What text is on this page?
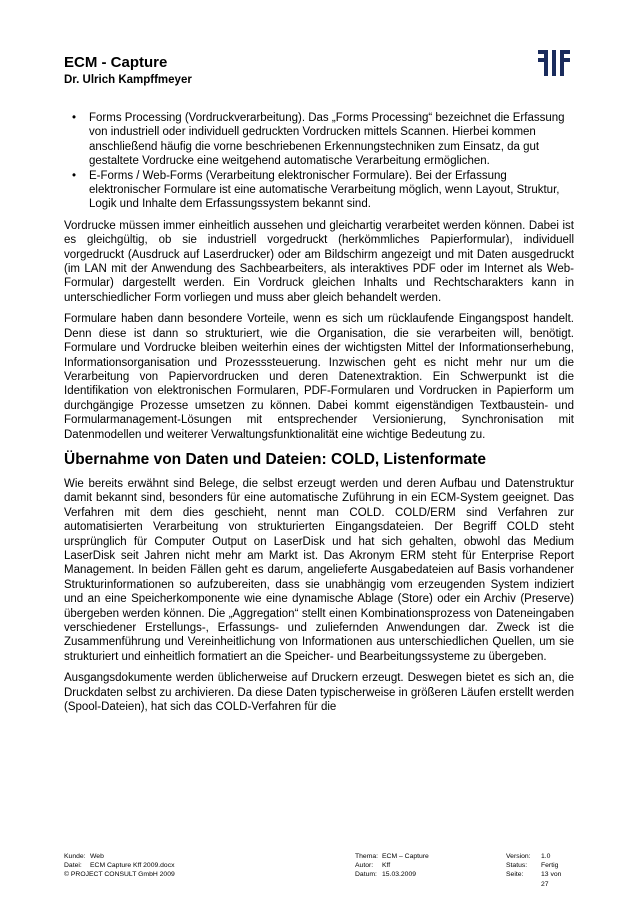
ECM - Capture
Dr. Ulrich Kampffmeyer
• Forms Processing (Vordruckverarbeitung). Das „Forms Processing“ bezeichnet die Erfassung von industriell oder individuell gedruckten Vordrucken mittels Scannen. Hierbei kommen anschließend häufig die vorne beschriebenen Erkennungstechniken zum Einsatz, da gut gestaltete Vordrucke eine weitgehend automatische Verarbeitung ermöglichen.
• E-Forms / Web-Forms (Verarbeitung elektronischer Formulare). Bei der Erfassung elektronischer Formulare ist eine automatische Verarbeitung möglich, wenn Layout, Struktur, Logik und Inhalte dem Erfassungssystem bekannt sind.

Vordrucke müssen immer einheitlich aussehen und gleichartig verarbeitet werden können. Dabei ist es gleichgültig, ob sie industriell vorgedruckt (herkömmliches Papierformular), individuell vorgedruckt (Ausdruck auf Laserdrucker) oder am Bildschirm angezeigt und mit Daten ausgedruckt (im LAN mit der Anwendung des Sachbearbeiters, als interaktives PDF oder im Internet als Web-Formular) dargestellt werden. Ein Vordruck gleichen Inhalts und Rechtscharakters kann in unterschiedlicher Form vorliegen und muss aber gleich behandelt werden.

Formulare haben dann besondere Vorteile, wenn es sich um rücklaufende Eingangspost handelt. Denn diese ist dann so strukturiert, wie die Organisation, die sie verarbeiten will, benötigt. Formulare und Vordrucke bleiben weiterhin eines der wichtigsten Mittel der Informationserhebung, Informationsorganisation und Prozesssteuerung. Inzwischen geht es nicht mehr nur um die Verarbeitung von Papiervordrucken und deren Datenextraktion. Ein Schwerpunkt ist die Identifikation von elektronischen Formularen, PDF-Formularen und Vordrucken in Papierform um durchgängige Prozesse umsetzen zu können. Dabei kommt eigenständigen Textbaustein- und Formularmanagement-Lösungen mit entsprechender Versionierung, Synchronisation mit Datenmodellen und weiterer Verwaltungsfunktionalität eine wichtige Bedeutung zu.

Übernahme von Daten und Dateien: COLD, Listenformate

Wie bereits erwähnt sind Belege, die selbst erzeugt werden und deren Aufbau und Datenstruktur damit bekannt sind, besonders für eine automatische Zuführung in ein ECM-System geeignet. Das Verfahren mit dem dies geschieht, nennt man COLD. COLD/ERM sind Verfahren zur automatisierten Verarbeitung von strukturierten Eingangsdateien. Der Begriff COLD steht ursprünglich für Computer Output on LaserDisk und hat sich gehalten, obwohl das Medium LaserDisk seit Jahren nicht mehr am Markt ist. Das Akronym ERM steht für Enterprise Report Management. In beiden Fällen geht es darum, angelieferte Ausgabedateien auf Basis vorhandener Strukturinformationen so aufzubereiten, dass sie unabhängig vom erzeugenden System indiziert und an eine Speicherkomponente wie eine dynamische Ablage (Store) oder ein Archiv (Preserve) übergeben werden können. Die „Aggregation“ stellt einen Kombinationsprozess von Dateneingaben verschiedener Erstellungs-, Erfassungs- und zuliefernden Anwendungen dar. Zweck ist die Zusammenführung und Vereinheitlichung von Informationen aus unterschiedlichen Quellen, um sie strukturiert und einheitlich formatiert an die Speicher- und Bearbeitungssysteme zu übergeben.

Ausgangsdokumente werden üblicherweise auf Druckern erzeugt. Deswegen bietet es sich an, die Druckdaten selbst zu archivieren. Da diese Daten typischerweise in größeren Läufen erstellt werden (Spool-Dateien), hat sich das COLD-Verfahren für die

Kunde: Web
Datei: ECM Capture Kff 2009.docx
© PROJECT CONSULT GmbH 2009
Thema: ECM – Capture
Autor: Kff
Datum: 15.03.2009
Version: 1.0
Status: Fertig
Seite:	13 von 27
